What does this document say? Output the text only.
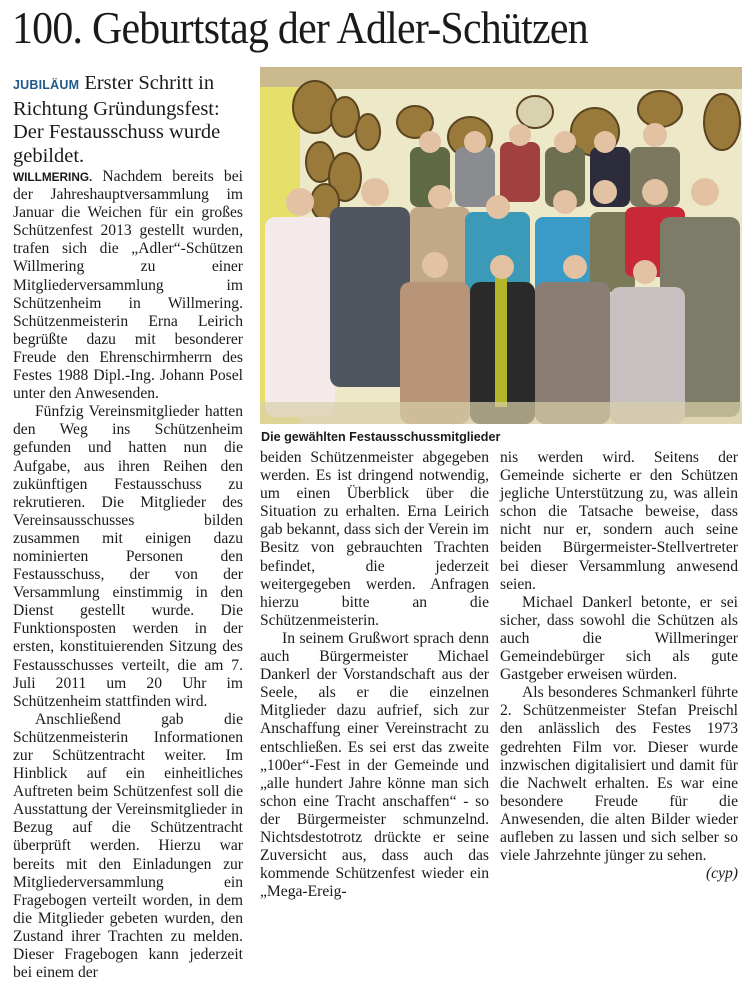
100. Geburtstag der Adler-Schützen

JUBILÄUM Erster Schritt in Richtung Gründungsfest: Der Festausschuss wurde gebildet.

WILLMERING. Nachdem bereits bei der Jahreshauptversammlung im Januar die Weichen für ein großes Schützenfest 2013 gestellt wurden, trafen sich die „Adler“-Schützen Willmering zu einer Mitgliederversammlung im Schützenheim in Willmering. Schützenmeisterin Erna Leirich begrüßte dazu mit besonderer Freude den Ehrenschirmherrn des Festes 1988 Dipl.-Ing. Johann Posel unter den Anwesenden.

Fünfzig Vereinsmitglieder hatten den Weg ins Schützenheim gefunden und hatten nun die Aufgabe, aus ihren Reihen den zukünftigen Festausschuss zu rekrutieren. Die Mitglieder des Vereinsausschusses bilden zusammen mit einigen dazu nominierten Personen den Festausschuss, der von der Versammlung einstimmig in den Dienst gestellt wurde. Die Funktionsposten werden in der ersten, konstituierenden Sitzung des Festausschusses verteilt, die am 7. Juli 2011 um 20 Uhr im Schützenheim stattfinden wird.

Anschließend gab die Schützenmeisterin Informationen zur Schützentracht weiter. Im Hinblick auf ein einheitliches Auftreten beim Schützenfest soll die Ausstattung der Vereinsmitglieder in Bezug auf die Schützentracht überprüft werden. Hierzu war bereits mit den Einladungen zur Mitgliederversammlung ein Fragebogen verteilt worden, in dem die Mitglieder gebeten wurden, den Zustand ihrer Trachten zu melden. Dieser Fragebogen kann jederzeit bei einem der

Die gewählten Festausschussmitglieder

beiden Schützenmeister abgegeben werden. Es ist dringend notwendig, um einen Überblick über die Situation zu erhalten. Erna Leirich gab bekannt, dass sich der Verein im Besitz von gebrauchten Trachten befindet, die jederzeit weitergegeben werden. Anfragen hierzu bitte an die Schützenmeisterin.

In seinem Grußwort sprach denn auch Bürgermeister Michael Dankerl der Vorstandschaft aus der Seele, als er die einzelnen Mitglieder dazu aufrief, sich zur Anschaffung einer Vereinstracht zu entschließen. Es sei erst das zweite „100er“-Fest in der Gemeinde und „alle hundert Jahre könne man sich schon eine Tracht anschaffen“ - so der Bürgermeister schmunzelnd. Nichtsdestotrotz drückte er seine Zuversicht aus, dass auch das kommende Schützenfest wieder ein „Mega-Ereig-

nis werden wird. Seitens der Gemeinde sicherte er den Schützen jegliche Unterstützung zu, was allein schon die Tatsache beweise, dass nicht nur er, sondern auch seine beiden Bürgermeister-Stellvertreter bei dieser Versammlung anwesend seien.

Michael Dankerl betonte, er sei sicher, dass sowohl die Schützen als auch die Willmeringer Gemeindebürger sich als gute Gastgeber erweisen würden.

Als besonderes Schmankerl führte 2. Schützenmeister Stefan Preischl den anlässlich des Festes 1973 gedrehten Film vor. Dieser wurde inzwischen digitalisiert und damit für die Nachwelt erhalten. Es war eine besondere Freude für die Anwesenden, die alten Bilder wieder aufleben zu lassen und sich selber so viele Jahrzehnte jünger zu sehen.
(cyp)
